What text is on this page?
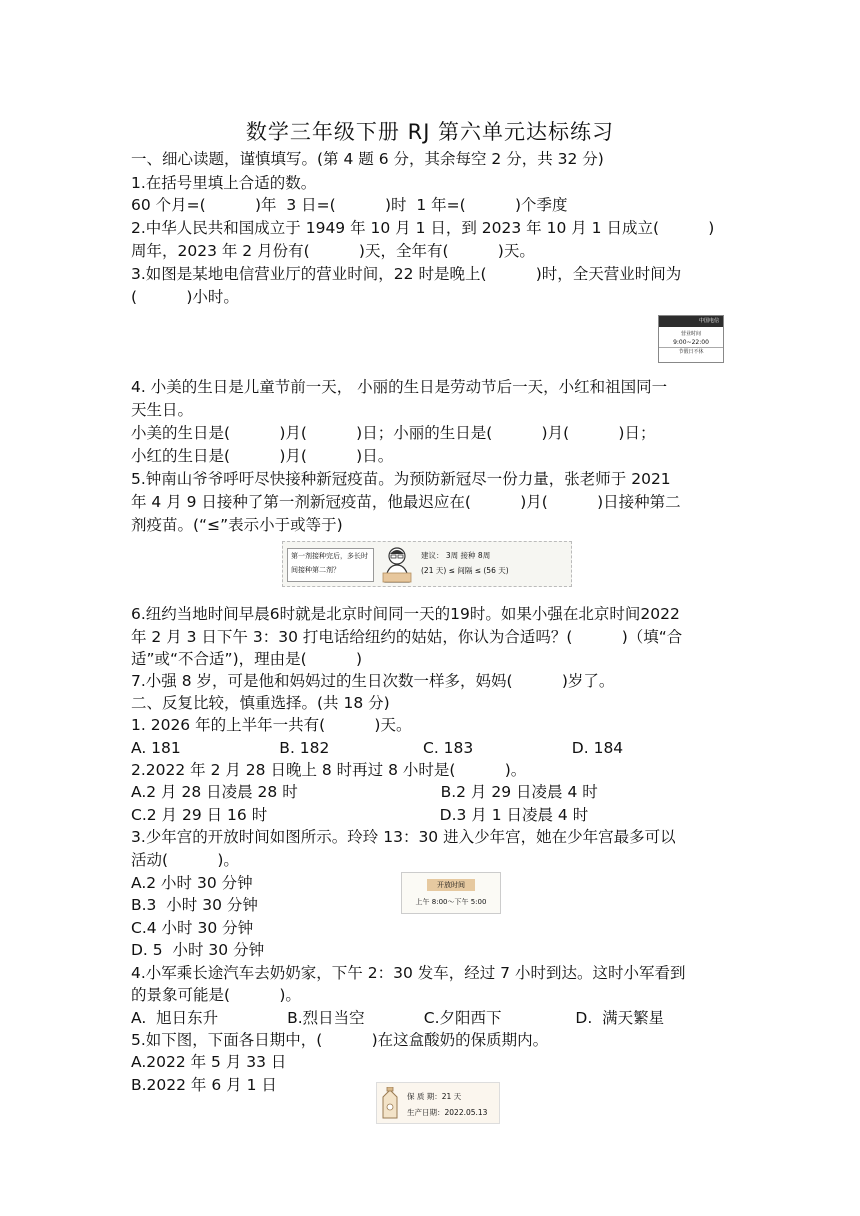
数学三年级下册 RJ 第六单元达标练习
一、细心读题，谨慎填写。(第 4 题 6 分，其余每空 2 分，共 32 分)
1.在括号里填上合适的数。
60 个月=(          )年  3 日=(          )时  1 年=(          )个季度
2.中华人民共和国成立于 1949 年 10 月 1 日，到 2023 年 10 月 1 日成立(          )
周年，2023 年 2 月份有(          )天，全年有(          )天。
3.如图是某地电信营业厅的营业时间，22 时是晚上(          )时，全天营业时间为
(          )小时。
中国电信
营业时间
9:00~22:00
节假日不休
4. 小美的生日是儿童节前一天， 小丽的生日是劳动节后一天，小红和祖国同一
天生日。
小美的生日是(          )月(          )日；小丽的生日是(          )月(          )日；
小红的生日是(          )月(          )日。
5.钟南山爷爷呼吁尽快接种新冠疫苗。为预防新冠尽一份力量，张老师于 2021
年 4 月 9 日接种了第一剂新冠疫苗，他最迟应在(          )月(          )日接种第二
剂疫苗。(“≤”表示小于或等于)
第一剂接种完后，多长时间接种第二剂？
建议： 3周 接种 8周
(21 天) ≤ 间隔 ≤ (56 天)
6.纽约当地时间早晨6时就是北京时间同一天的19时。如果小强在北京时间2022
年 2 月 3 日下午 3：30 打电话给纽约的姑姑，你认为合适吗？(          )（填“合
适”或“不合适”)，理由是(          )
7.小强 8 岁，可是他和妈妈过的生日次数一样多，妈妈(          )岁了。
二、反复比较，慎重选择。(共 18 分)
1. 2026 年的上半年一共有(          )天。
A. 181                    B. 182                   C. 183                    D. 184
2.2022 年 2 月 28 日晚上 8 时再过 8 小时是(          )。
A.2 月 28 日凌晨 28 时                             B.2 月 29 日凌晨 4 时
C.2 月 29 日 16 时                                   D.3 月 1 日凌晨 4 时
3.少年宫的开放时间如图所示。玲玲 13：30 进入少年宫，她在少年宫最多可以
活动(          )。
A.2 小时 30 分钟
B.3  小时 30 分钟
C.4 小时 30 分钟
D. 5  小时 30 分钟
开放时间
上午 8:00～下午 5:00
4.小军乘长途汽车去奶奶家，下午 2：30 发车，经过 7 小时到达。这时小军看到
的景象可能是(          )。
A.  旭日东升              B.烈日当空            C.夕阳西下               D.  满天繁星
5.如下图，下面各日期中，(          )在这盒酸奶的保质期内。
A.2022 年 5 月 33 日
B.2022 年 6 月 1 日
保 质 期：21 天
生产日期：2022.05.13
